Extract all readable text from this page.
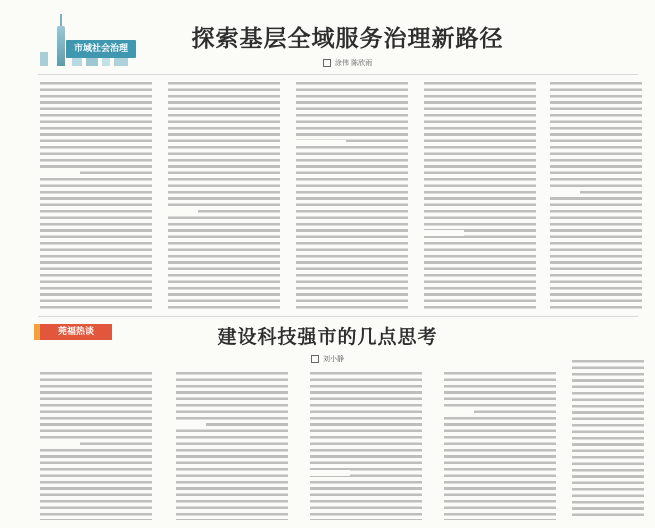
市域社会治理	探索基层全域服务治理新路径
涂伟 陈欣雨
莞福热谈	建设科技强市的几点思考
刘小静
